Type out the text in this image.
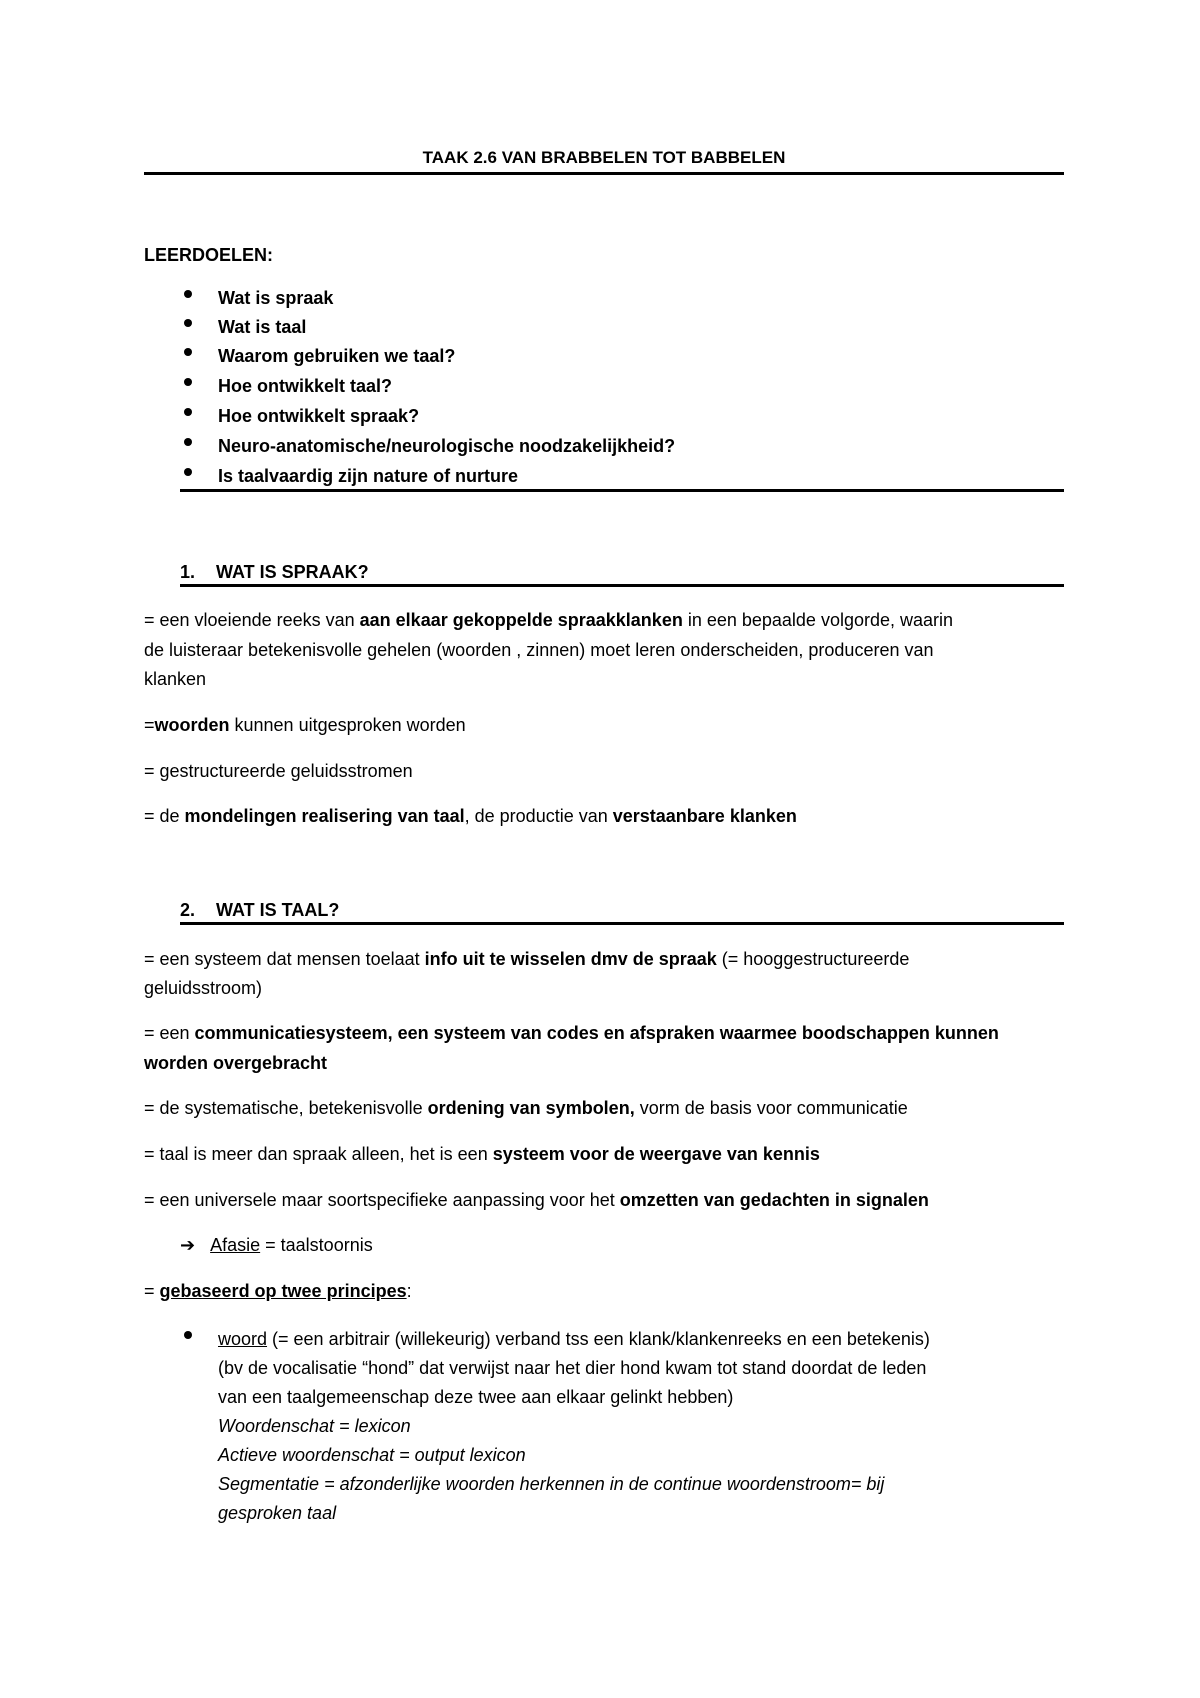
TAAK 2.6 VAN BRABBELEN TOT BABBELEN
LEERDOELEN:
Wat is spraak
Wat is taal
Waarom gebruiken we taal?
Hoe ontwikkelt taal?
Hoe ontwikkelt spraak?
Neuro-anatomische/neurologische noodzakelijkheid?
Is taalvaardig zijn nature of nurture
1. WAT IS SPRAAK?
= een vloeiende reeks van aan elkaar gekoppelde spraakklanken in een bepaalde volgorde, waarin
de luisteraar betekenisvolle gehelen (woorden , zinnen) moet leren onderscheiden, produceren van
klanken
=woorden kunnen uitgesproken worden
= gestructureerde geluidsstromen
= de mondelingen realisering van taal, de productie van verstaanbare klanken
2. WAT IS TAAL?
= een systeem dat mensen toelaat info uit te wisselen dmv de spraak (= hooggestructureerde
geluidsstroom)
= een communicatiesysteem, een systeem van codes en afspraken waarmee boodschappen kunnen
worden overgebracht
= de systematische, betekenisvolle ordening van symbolen, vorm de basis voor communicatie
= taal is meer dan spraak alleen, het is een systeem voor de weergave van kennis
= een universele maar soortspecifieke aanpassing voor het omzetten van gedachten in signalen
➔ Afasie = taalstoornis
= gebaseerd op twee principes:
woord (= een arbitrair (willekeurig) verband tss een klank/klankenreeks en een betekenis)
(bv de vocalisatie “hond” dat verwijst naar het dier hond kwam tot stand doordat de leden
van een taalgemeenschap deze twee aan elkaar gelinkt hebben)
Woordenschat = lexicon
Actieve woordenschat = output lexicon
Segmentatie = afzonderlijke woorden herkennen in de continue woordenstroom= bij
gesproken taal
